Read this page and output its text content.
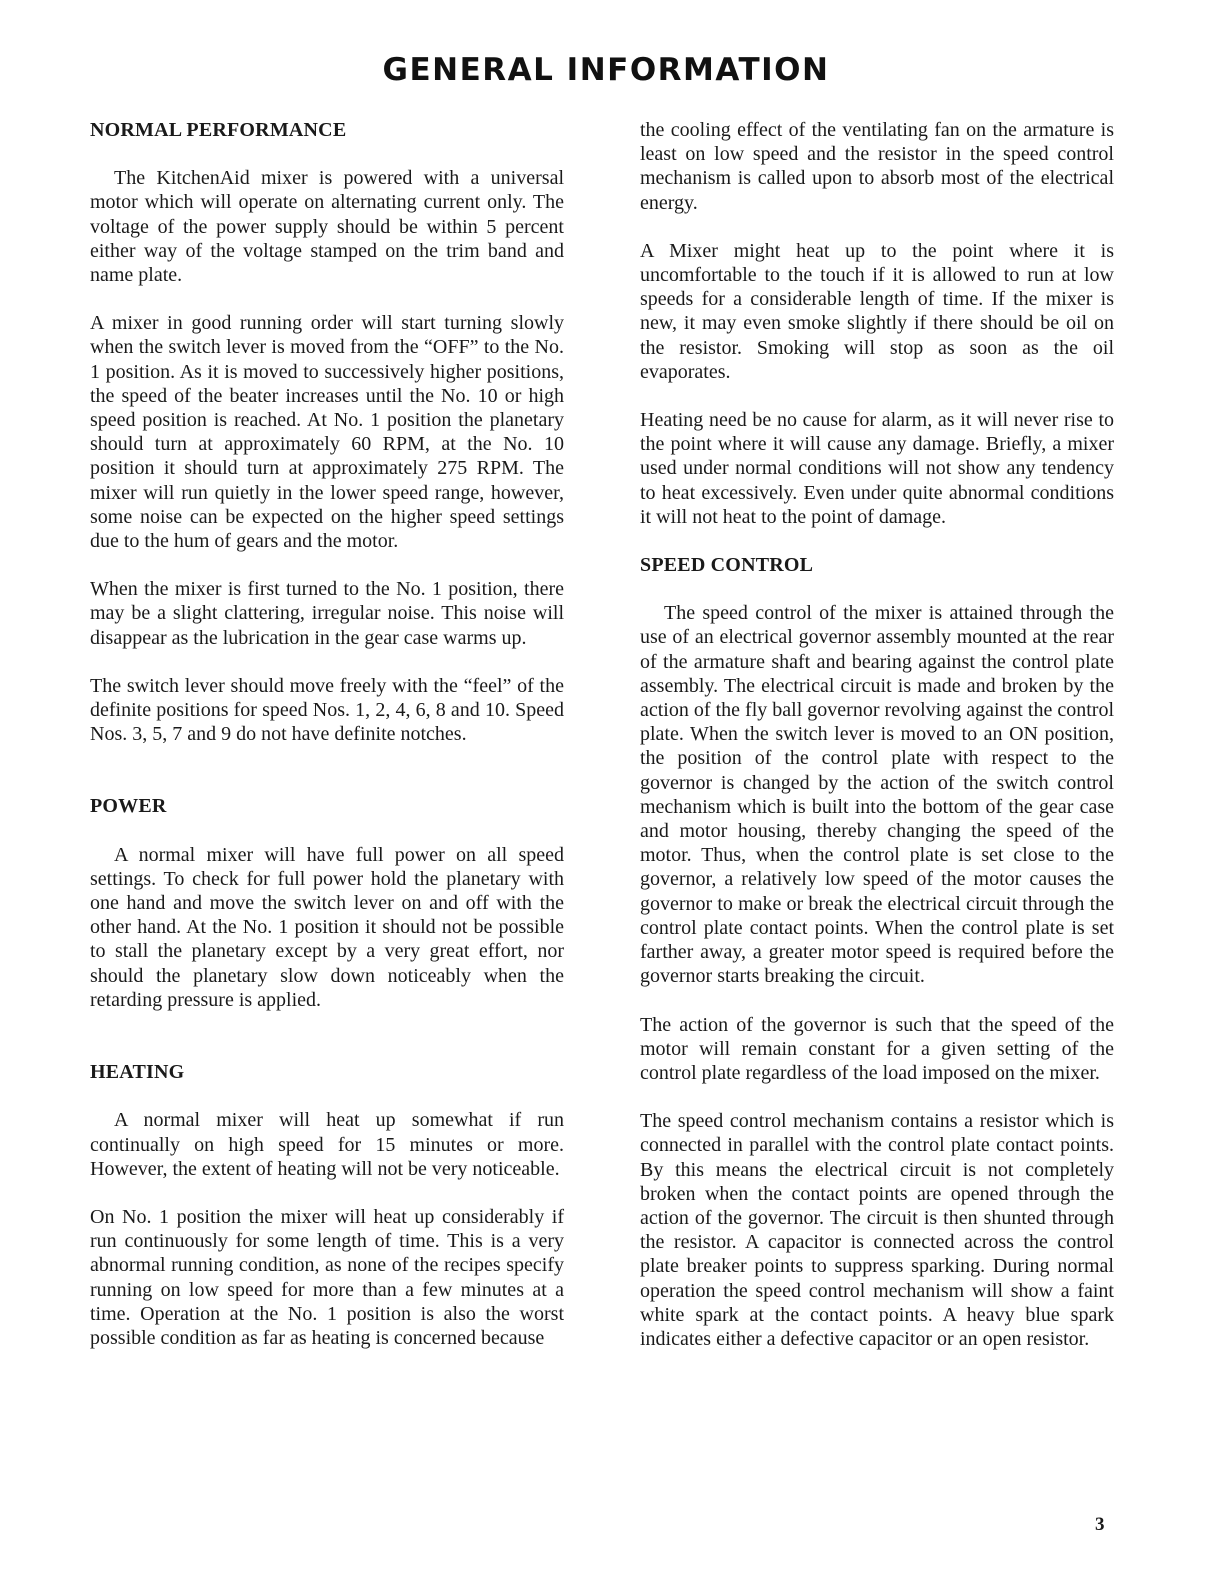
GENERAL INFORMATION
NORMAL PERFORMANCE

The KitchenAid mixer is powered with a universal motor which will operate on alternating current only. The voltage of the power supply should be within 5 percent either way of the voltage stamped on the trim band and name plate.

A mixer in good running order will start turning slowly when the switch lever is moved from the “OFF” to the No. 1 position. As it is moved to successively higher positions, the speed of the beater increases until the No. 10 or high speed position is reached. At No. 1 position the planetary should turn at approximately 60 RPM, at the No. 10 position it should turn at approximately 275 RPM. The mixer will run quietly in the lower speed range, however, some noise can be expected on the higher speed settings due to the hum of gears and the motor.

When the mixer is first turned to the No. 1 position, there may be a slight clattering, irregular noise. This noise will disappear as the lubrication in the gear case warms up.

The switch lever should move freely with the “feel” of the definite positions for speed Nos. 1, 2, 4, 6, 8 and 10. Speed Nos. 3, 5, 7 and 9 do not have definite notches.

POWER

A normal mixer will have full power on all speed settings. To check for full power hold the planetary with one hand and move the switch lever on and off with the other hand. At the No. 1 position it should not be possible to stall the planetary except by a very great effort, nor should the planetary slow down noticeably when the retarding pressure is applied.

HEATING

A normal mixer will heat up somewhat if run continually on high speed for 15 minutes or more. However, the extent of heating will not be very noticeable.

On No. 1 position the mixer will heat up considerably if run continuously for some length of time. This is a very abnormal running condition, as none of the recipes specify running on low speed for more than a few minutes at a time. Operation at the No. 1 position is also the worst possible condition as far as heating is concerned because

the cooling effect of the ventilating fan on the armature is least on low speed and the resistor in the speed control mechanism is called upon to absorb most of the electrical energy.

A Mixer might heat up to the point where it is uncomfortable to the touch if it is allowed to run at low speeds for a considerable length of time. If the mixer is new, it may even smoke slightly if there should be oil on the resistor. Smoking will stop as soon as the oil evaporates.

Heating need be no cause for alarm, as it will never rise to the point where it will cause any damage. Briefly, a mixer used under normal conditions will not show any tendency to heat excessively. Even under quite abnormal conditions it will not heat to the point of damage.

SPEED CONTROL

The speed control of the mixer is attained through the use of an electrical governor assembly mounted at the rear of the armature shaft and bearing against the control plate assembly. The electrical circuit is made and broken by the action of the fly ball governor revolving against the control plate. When the switch lever is moved to an ON position, the position of the control plate with respect to the governor is changed by the action of the switch control mechanism which is built into the bottom of the gear case and motor housing, thereby changing the speed of the motor. Thus, when the control plate is set close to the governor, a relatively low speed of the motor causes the governor to make or break the electrical circuit through the control plate contact points. When the control plate is set farther away, a greater motor speed is required before the governor starts breaking the circuit.

The action of the governor is such that the speed of the motor will remain constant for a given setting of the control plate regardless of the load imposed on the mixer.

The speed control mechanism contains a resistor which is connected in parallel with the control plate contact points. By this means the electrical circuit is not completely broken when the contact points are opened through the action of the governor. The circuit is then shunted through the resistor. A capacitor is connected across the control plate breaker points to suppress sparking. During normal operation the speed control mechanism will show a faint white spark at the contact points. A heavy blue spark indicates either a defective capacitor or an open resistor.

3
